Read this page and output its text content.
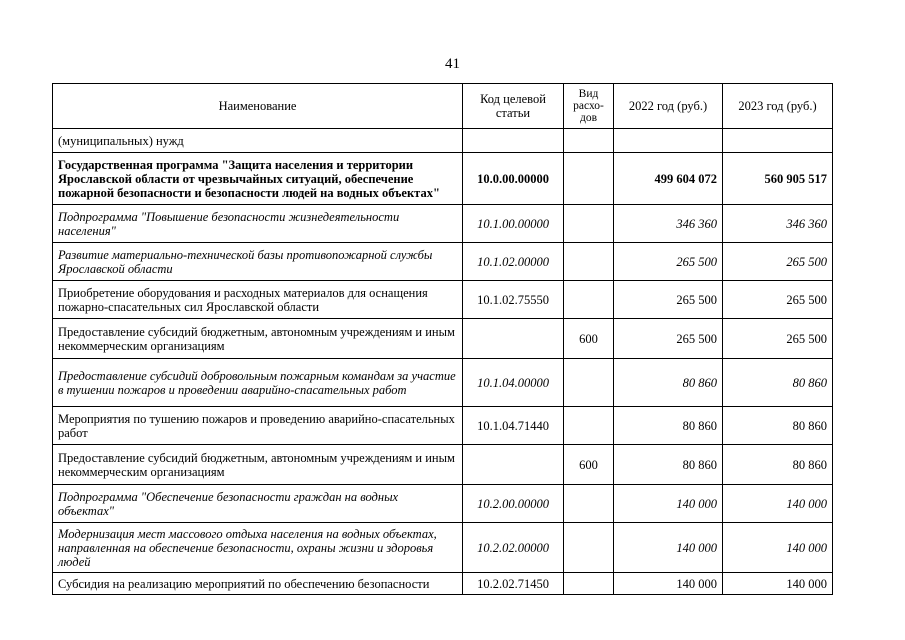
41
Наименование	Код целевой статьи	Вид расхо-дов	2022 год (руб.)	2023 год (руб.)
(муниципальных) нужд				
Государственная программа "Защита населения и территории Ярославской области от чрезвычайных ситуаций, обеспечение пожарной безопасности и безопасности людей на водных объектах"	10.0.00.00000		499 604 072	560 905 517
Подпрограмма "Повышение безопасности жизнедеятельности населения"	10.1.00.00000		346 360	346 360
Развитие материально-технической базы противопожарной службы Ярославской области	10.1.02.00000		265 500	265 500
Приобретение оборудования и расходных материалов для оснащения пожарно-спасательных сил Ярославской области	10.1.02.75550		265 500	265 500
Предоставление субсидий бюджетным, автономным учреждениям и иным некоммерческим организациям		600	265 500	265 500
Предоставление субсидий добровольным пожарным командам за участие в тушении пожаров и проведении аварийно-спасательных работ	10.1.04.00000		80 860	80 860
Мероприятия по тушению пожаров и проведению аварийно-спасательных работ	10.1.04.71440		80 860	80 860
Предоставление субсидий бюджетным, автономным учреждениям и иным некоммерческим организациям		600	80 860	80 860
Подпрограмма "Обеспечение безопасности граждан на водных объектах"	10.2.00.00000		140 000	140 000
Модернизация мест массового отдыха населения на водных объектах, направленная на обеспечение безопасности, охраны жизни и здоровья людей	10.2.02.00000		140 000	140 000
Субсидия на реализацию мероприятий по обеспечению безопасности	10.2.02.71450		140 000	140 000
